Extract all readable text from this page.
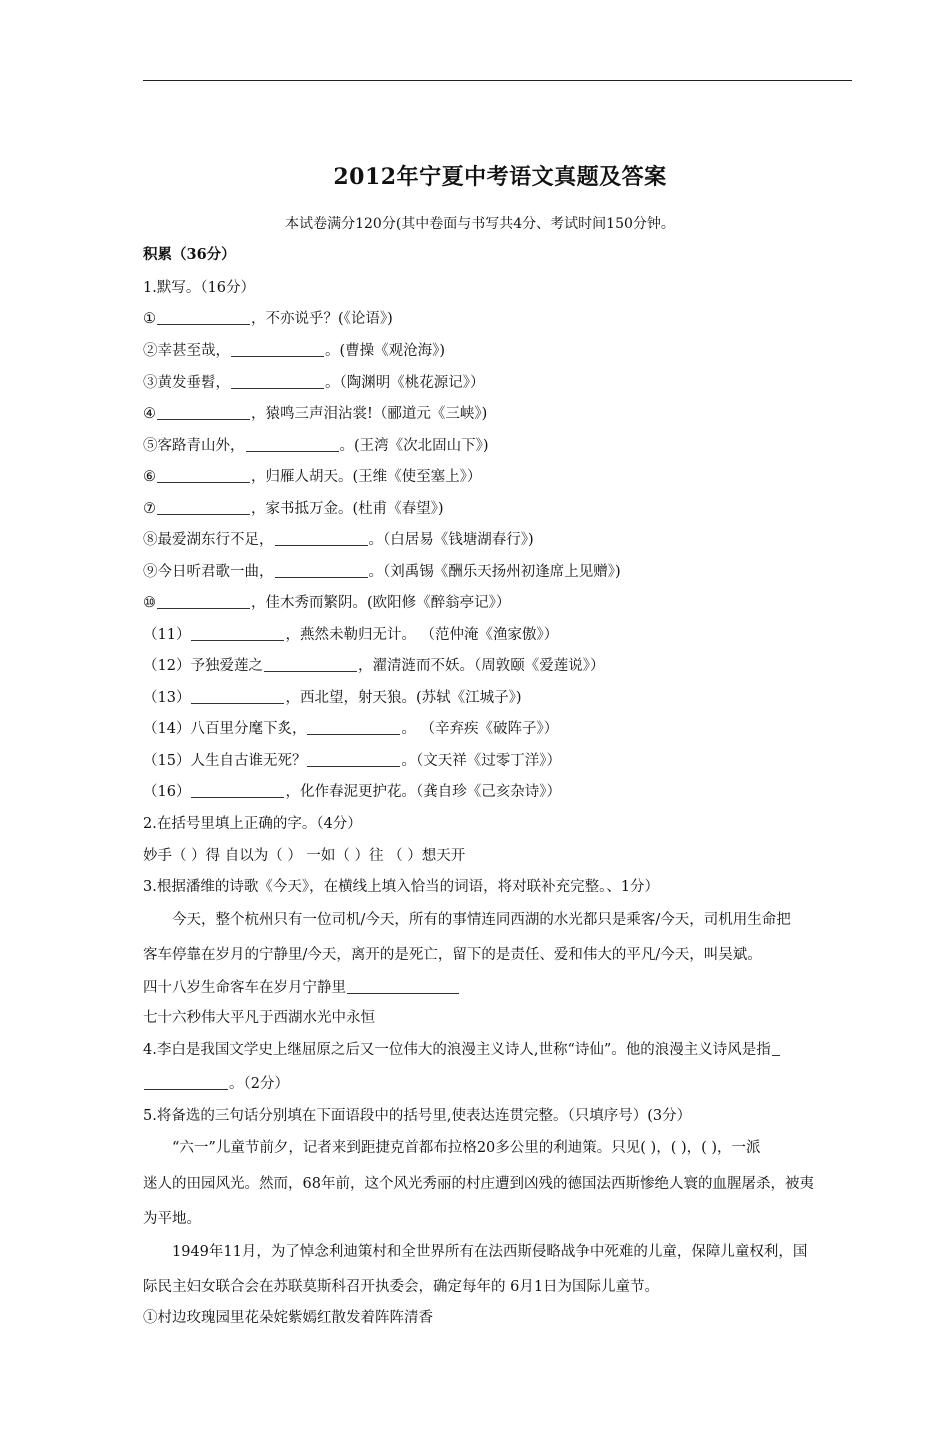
2012年宁夏中考语文真题及答案
本试卷满分120分(其中卷面与书写共4分、考试时间150分钟。
积累（36分）
1.默写。（16分）
①	，不亦说乎？(《论语》)
②幸甚至哉，	。(曹操《观沧海》)
③黄发垂髫，	。（陶渊明《桃花源记》）
④	，猿鸣三声泪沾裳!（郦道元《三峡》)
⑤客路青山外，	。(王湾《次北固山下》)
⑥	，归雁人胡天。(王维《使至塞上》）
⑦	，家书抵万金。(杜甫《春望》)
⑧最爱湖东行不足，	。（白居易《钱塘湖春行》)
⑨今日听君歌一曲，	。（刘禹锡《酬乐天扬州初逢席上见赠》)
⑩	，佳木秀而繁阴。(欧阳修《醉翁亭记》）
（11）	，燕然未勒归无计。 （范仲淹《渔家傲》）
（12）予独爱莲之	，濯清涟而不妖。（周敦颐《爱莲说》）
（13）	，西北望，射天狼。(苏轼《江城子》)
（14）八百里分麾下炙，	。 （辛弃疾《破阵子》）
（15）人生自古谁无死？	。（文天祥《过零丁洋》）
（16）	，化作春泥更护花。（龚自珍《己亥杂诗》）
2.在括号里填上正确的字。（4分）
妙手（ ）得 自以为（ ） 一如（ ）往 （ ）想天开
3.根据潘维的诗歌《今天》，在横线上填入恰当的词语，将对联补充完整。、1分）
今天，整个杭州只有一位司机/今天，所有的事情连同西湖的水光都只是乘客/今天，司机用生命把
客车停靠在岁月的宁静里/今天，离开的是死亡，留下的是责任、爱和伟大的平凡/今天，叫吴斌。
四十八岁生命客车在岁月宁静里
七十六秒伟大平凡于西湖水光中永恒
4.李白是我国文学史上继屈原之后又一位伟大的浪漫主义诗人,世称“诗仙”。他的浪漫主义诗风是指
。（2分）
5.将备选的三句话分别填在下面语段中的括号里,使表达连贯完整。（只填序号）(3分）
“六一”儿童节前夕，记者来到距捷克首都布拉格20多公里的利迪策。只见( )，( )，( )，一派
迷人的田园风光。然而，68年前，这个风光秀丽的村庄遭到凶残的德国法西斯惨绝人寰的血腥屠杀，被夷
为平地。
1949年11月，为了悼念利迪策村和全世界所有在法西斯侵略战争中死难的儿童，保障儿童权利，国
际民主妇女联合会在苏联莫斯科召开执委会，确定每年的 6月1日为国际儿童节。
①村边玫瑰园里花朵姹紫嫣红散发着阵阵清香
